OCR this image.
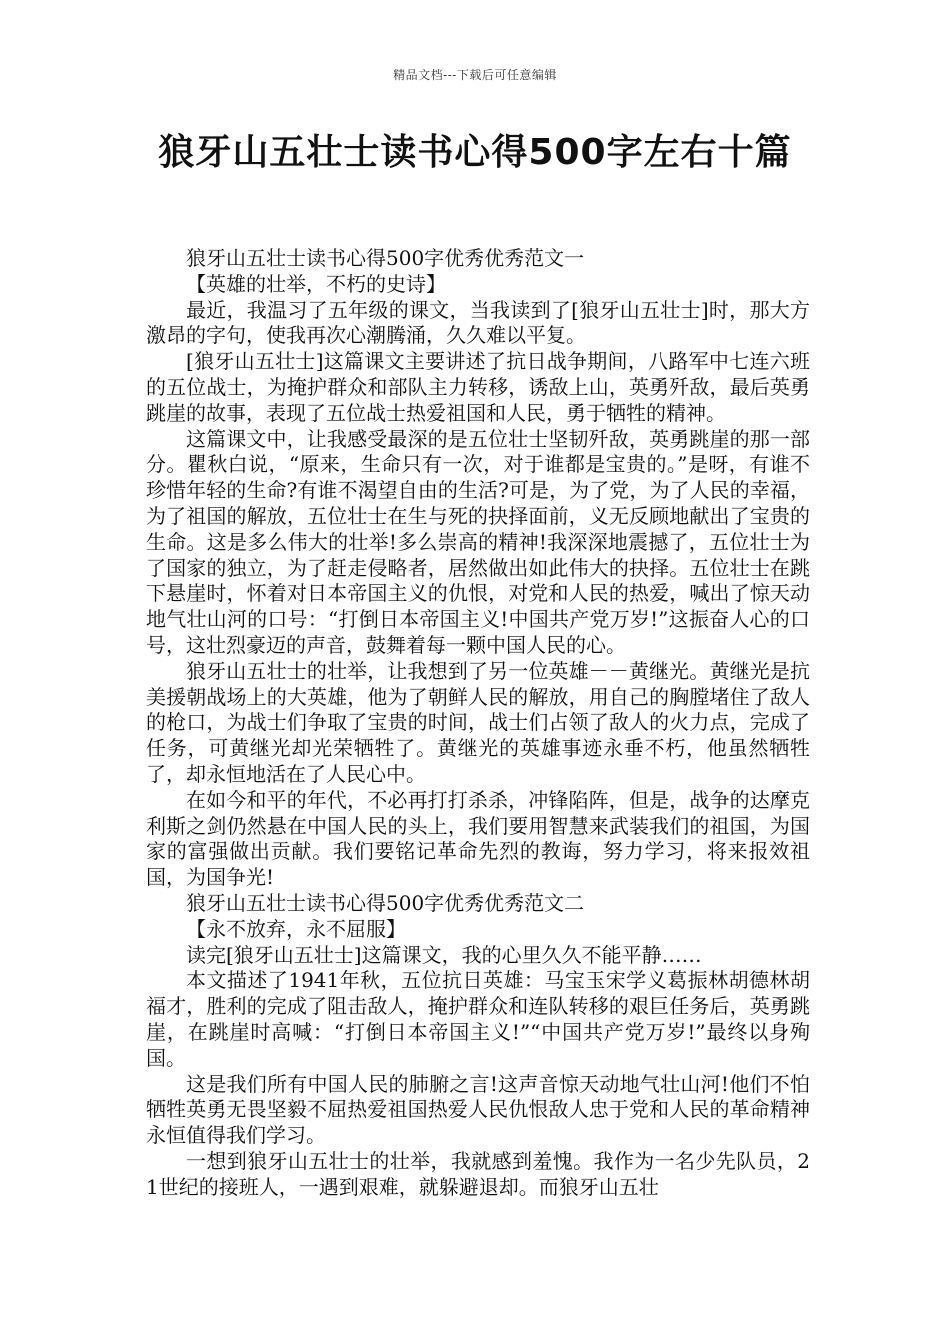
精品文档---下载后可任意编辑
狼牙山五壮士读书心得500字左右十篇

狼牙山五壮士读书心得500字优秀优秀范文一

【英雄的壮举，不朽的史诗】

最近，我温习了五年级的课文，当我读到了[狼牙山五壮士]时，那大方激昂的字句，使我再次心潮腾涌，久久难以平复。

[狼牙山五壮士]这篇课文主要讲述了抗日战争期间，八路军中七连六班的五位战士，为掩护群众和部队主力转移，诱敌上山，英勇歼敌，最后英勇跳崖的故事，表现了五位战士热爱祖国和人民，勇于牺牲的精神。

这篇课文中，让我感受最深的是五位壮士坚韧歼敌，英勇跳崖的那一部分。瞿秋白说，“原来，生命只有一次，对于谁都是宝贵的。”是呀，有谁不珍惜年轻的生命?有谁不渴望自由的生活?可是，为了党，为了人民的幸福，为了祖国的解放，五位壮士在生与死的抉择面前，义无反顾地献出了宝贵的生命。这是多么伟大的壮举!多么崇高的精神!我深深地震撼了，五位壮士为了国家的独立，为了赶走侵略者，居然做出如此伟大的抉择。五位壮士在跳下悬崖时，怀着对日本帝国主义的仇恨，对党和人民的热爱，喊出了惊天动地气壮山河的口号：“打倒日本帝国主义!中国共产党万岁!”这振奋人心的口号，这壮烈豪迈的声音，鼓舞着每一颗中国人民的心。

狼牙山五壮士的壮举，让我想到了另一位英雄－－黄继光。黄继光是抗美援朝战场上的大英雄，他为了朝鲜人民的解放，用自己的胸膛堵住了敌人的枪口，为战士们争取了宝贵的时间，战士们占领了敌人的火力点，完成了任务，可黄继光却光荣牺牲了。黄继光的英雄事迹永垂不朽，他虽然牺牲了，却永恒地活在了人民心中。

在如今和平的年代，不必再打打杀杀，冲锋陷阵，但是，战争的达摩克利斯之剑仍然悬在中国人民的头上，我们要用智慧来武装我们的祖国，为国家的富强做出贡献。我们要铭记革命先烈的教诲，努力学习，将来报效祖国，为国争光!

狼牙山五壮士读书心得500字优秀优秀范文二

【永不放弃，永不屈服】

读完[狼牙山五壮士]这篇课文，我的心里久久不能平静……

本文描述了1941年秋，五位抗日英雄：马宝玉宋学义葛振林胡德林胡福才，胜利的完成了阻击敌人，掩护群众和连队转移的艰巨任务后，英勇跳崖，在跳崖时高喊：“打倒日本帝国主义!”“中国共产党万岁!”最终以身殉国。

这是我们所有中国人民的肺腑之言!这声音惊天动地气壮山河!他们不怕牺牲英勇无畏坚毅不屈热爱祖国热爱人民仇恨敌人忠于党和人民的革命精神永恒值得我们学习。

一想到狼牙山五壮士的壮举，我就感到羞愧。我作为一名少先队员，21世纪的接班人，一遇到艰难，就躲避退却。而狼牙山五壮
